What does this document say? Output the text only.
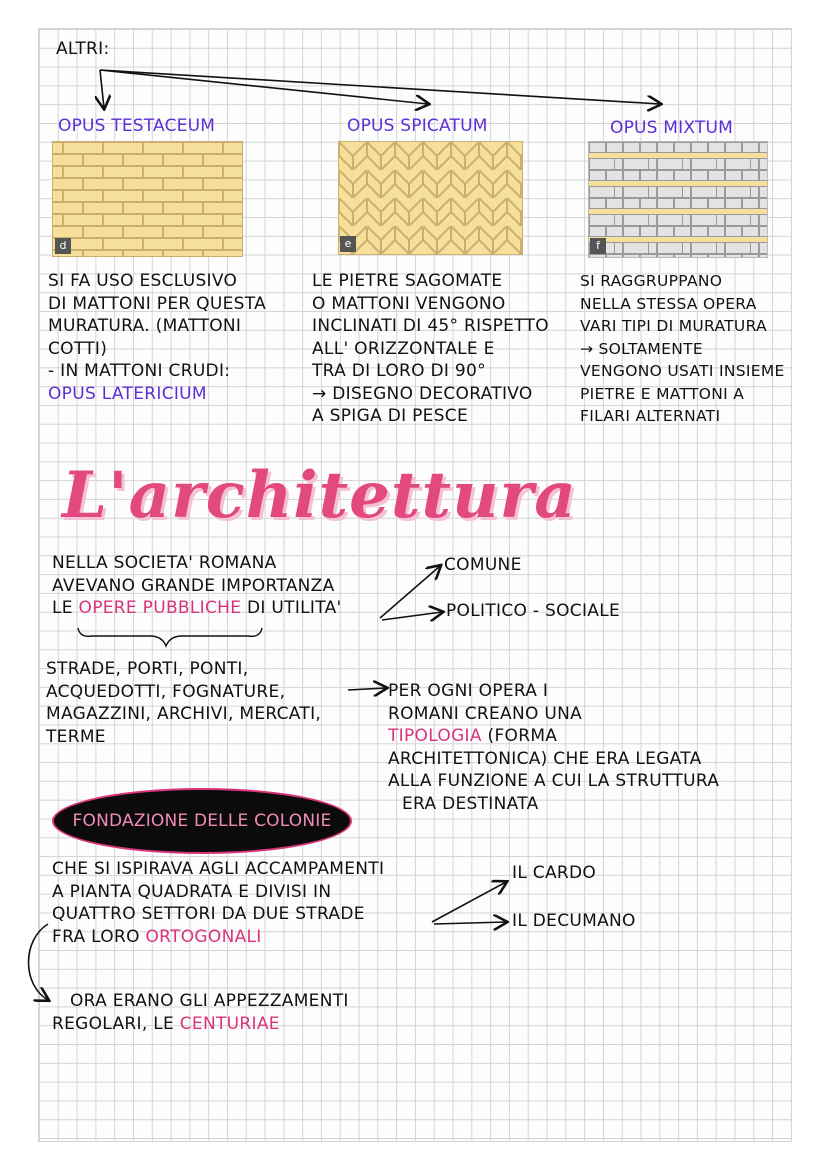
ALTRI:
OPUS TESTACEUM	OPUS SPICATUM	OPUS MIXTUM
d	e	f
SI FA USO ESCLUSIVO
DI MATTONI PER QUESTA
MURATURA. (MATTONI
COTTI)
- IN MATTONI CRUDI:
OPUS LATERICIUM
LE PIETRE SAGOMATE
O MATTONI VENGONO
INCLINATI DI 45° RISPETTO
ALL' ORIZZONTALE E
TRA DI LORO DI 90°
→ DISEGNO DECORATIVO
A SPIGA DI PESCE
SI RAGGRUPPANO
NELLA STESSA OPERA
VARI TIPI DI MURATURA
→ SOLTAMENTE
VENGONO USATI INSIEME
PIETRE E MATTONI A
FILARI ALTERNATI
L'architettura
NELLA SOCIETA' ROMANA
AVEVANO GRANDE IMPORTANZA
LE OPERE PUBBLICHE DI UTILITA'
COMUNE
POLITICO - SOCIALE
STRADE, PORTI, PONTI,
ACQUEDOTTI, FOGNATURE,
MAGAZZINI, ARCHIVI, MERCATI,
TERME
PER OGNI OPERA I
ROMANI CREANO UNA
TIPOLOGIA (FORMA
ARCHITETTONICA) CHE ERA LEGATA
ALLA FUNZIONE A CUI LA STRUTTURA
ERA DESTINATA
FONDAZIONE DELLE COLONIE
CHE SI ISPIRAVA AGLI ACCAMPAMENTI
A PIANTA QUADRATA E DIVISI IN
QUATTRO SETTORI DA DUE STRADE
FRA LORO ORTOGONALI
IL CARDO
IL DECUMANO
ORA ERANO GLI APPEZZAMENTI
REGOLARI, LE CENTURIAE
